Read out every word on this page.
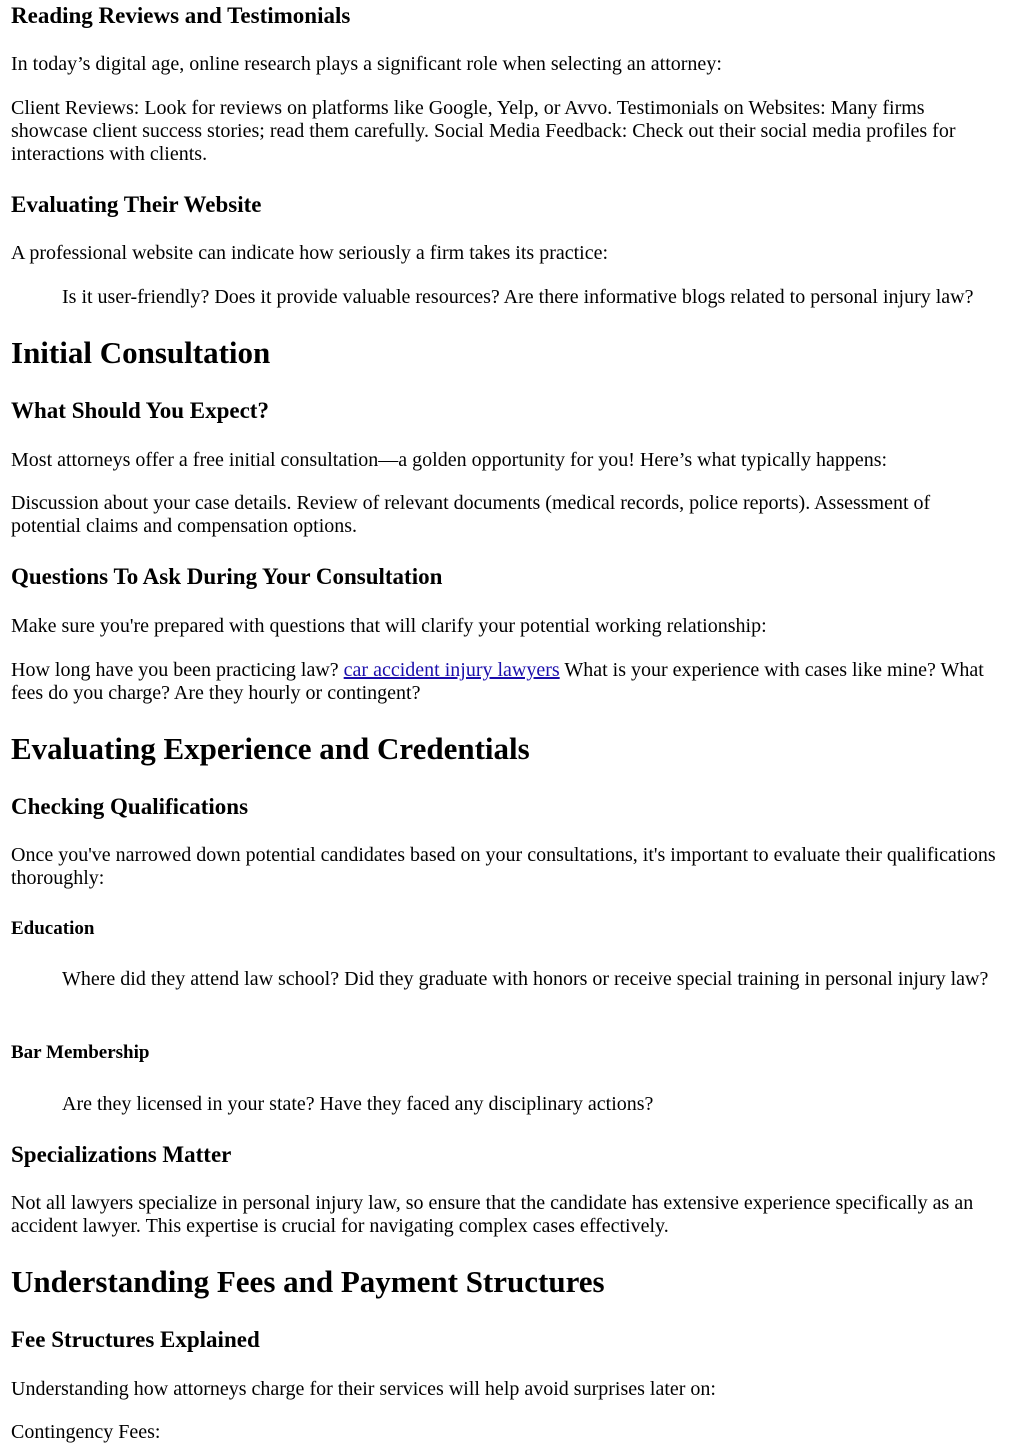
Reading Reviews and Testimonials

In today’s digital age, online research plays a significant role when selecting an attorney:

Client Reviews: Look for reviews on platforms like Google, Yelp, or Avvo. Testimonials on Websites: Many firms showcase client success stories; read them carefully. Social Media Feedback: Check out their social media profiles for interactions with clients.

Evaluating Their Website

A professional website can indicate how seriously a firm takes its practice:

Is it user-friendly? Does it provide valuable resources? Are there informative blogs related to personal injury law?

Initial Consultation
What Should You Expect?

Most attorneys offer a free initial consultation—a golden opportunity for you! Here’s what typically happens:

Discussion about your case details. Review of relevant documents (medical records, police reports). Assessment of potential claims and compensation options.

Questions To Ask During Your Consultation

Make sure you're prepared with questions that will clarify your potential working relationship:

How long have you been practicing law? car accident injury lawyers What is your experience with cases like mine? What fees do you charge? Are they hourly or contingent?

Evaluating Experience and Credentials
Checking Qualifications

Once you've narrowed down potential candidates based on your consultations, it's important to evaluate their qualifications thoroughly:

Education

Where did they attend law school? Did they graduate with honors or receive special training in personal injury law?

Bar Membership

Are they licensed in your state? Have they faced any disciplinary actions?

Specializations Matter

Not all lawyers specialize in personal injury law, so ensure that the candidate has extensive experience specifically as an accident lawyer. This expertise is crucial for navigating complex cases effectively.

Understanding Fees and Payment Structures
Fee Structures Explained

Understanding how attorneys charge for their services will help avoid surprises later on:

Contingency Fees:
